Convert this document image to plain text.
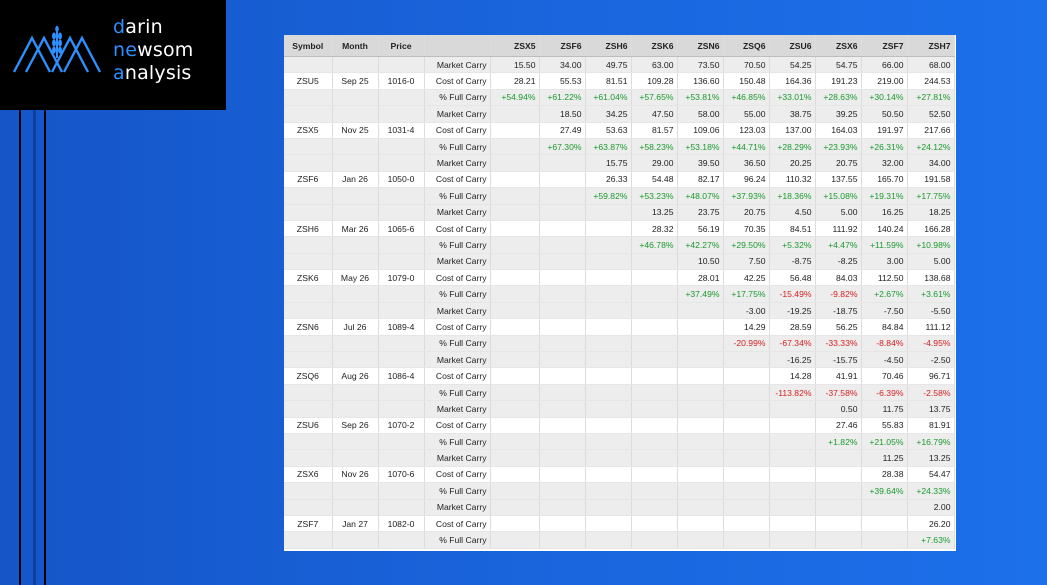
darin
newsom
analysis
Symbol	Month	Price		ZSX5	ZSF6	ZSH6	ZSK6	ZSN6	ZSQ6	ZSU6	ZSX6	ZSF7	ZSH7
			Market Carry	15.50	34.00	49.75	63.00	73.50	70.50	54.25	54.75	66.00	68.00
ZSU5	Sep 25	1016-0	Cost of Carry	28.21	55.53	81.51	109.28	136.60	150.48	164.36	191.23	219.00	244.53
			% Full Carry	+54.94%	+61.22%	+61.04%	+57.65%	+53.81%	+46.85%	+33.01%	+28.63%	+30.14%	+27.81%
			Market Carry		18.50	34.25	47.50	58.00	55.00	38.75	39.25	50.50	52.50
ZSX5	Nov 25	1031-4	Cost of Carry		27.49	53.63	81.57	109.06	123.03	137.00	164.03	191.97	217.66
			% Full Carry		+67.30%	+63.87%	+58.23%	+53.18%	+44.71%	+28.29%	+23.93%	+26.31%	+24.12%
			Market Carry			15.75	29.00	39.50	36.50	20.25	20.75	32.00	34.00
ZSF6	Jan 26	1050-0	Cost of Carry			26.33	54.48	82.17	96.24	110.32	137.55	165.70	191.58
			% Full Carry			+59.82%	+53.23%	+48.07%	+37.93%	+18.36%	+15.08%	+19.31%	+17.75%
			Market Carry				13.25	23.75	20.75	4.50	5.00	16.25	18.25
ZSH6	Mar 26	1065-6	Cost of Carry				28.32	56.19	70.35	84.51	111.92	140.24	166.28
			% Full Carry				+46.78%	+42.27%	+29.50%	+5.32%	+4.47%	+11.59%	+10.98%
			Market Carry					10.50	7.50	-8.75	-8.25	3.00	5.00
ZSK6	May 26	1079-0	Cost of Carry					28.01	42.25	56.48	84.03	112.50	138.68
			% Full Carry					+37.49%	+17.75%	-15.49%	-9.82%	+2.67%	+3.61%
			Market Carry						-3.00	-19.25	-18.75	-7.50	-5.50
ZSN6	Jul 26	1089-4	Cost of Carry						14.29	28.59	56.25	84.84	111.12
			% Full Carry						-20.99%	-67.34%	-33.33%	-8.84%	-4.95%
			Market Carry							-16.25	-15.75	-4.50	-2.50
ZSQ6	Aug 26	1086-4	Cost of Carry							14.28	41.91	70.46	96.71
			% Full Carry							-113.82%	-37.58%	-6.39%	-2.58%
			Market Carry								0.50	11.75	13.75
ZSU6	Sep 26	1070-2	Cost of Carry								27.46	55.83	81.91
			% Full Carry								+1.82%	+21.05%	+16.79%
			Market Carry									11.25	13.25
ZSX6	Nov 26	1070-6	Cost of Carry									28.38	54.47
			% Full Carry									+39.64%	+24.33%
			Market Carry										2.00
ZSF7	Jan 27	1082-0	Cost of Carry										26.20
			% Full Carry										+7.63%
